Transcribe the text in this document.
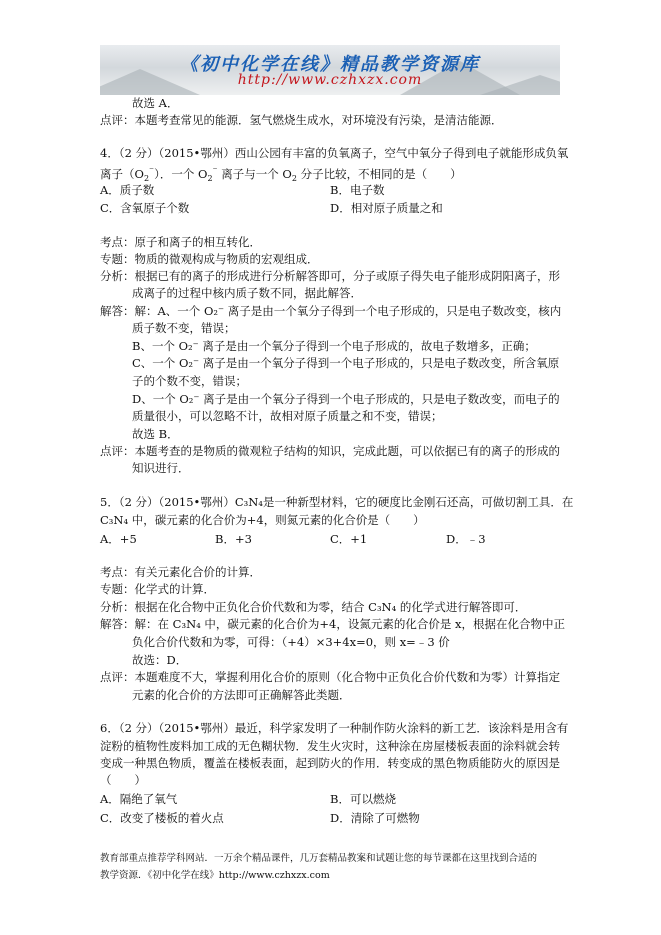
《初中化学在线》精品教学资源库
http://www.czhxzx.com
故选 A．
点评：本题考查常见的能源．氢气燃烧生成水，对环境没有污染，是清洁能源．
4．（2 分）（2015•鄂州）西山公园有丰富的负氧离子，空气中氧分子得到电子就能形成负氧
离子$(O_2^{^-})$．一个 $O_2^{^-}$ 离子与一个 $O_2$ 分子比较，不相同的是（　　）
A．质子数	B．电子数
C．含氧原子个数	D．相对原子质量之和
考点：原子和离子的相互转化．
专题：物质的微观构成与物质的宏观组成．
分析：根据已有的离子的形成进行分析解答即可，分子或原子得失电子能形成阴阳离子，形
成离子的过程中核内质子数不同，据此解答．
解答：解：A、一个 O₂⁻ 离子是由一个氧分子得到一个电子形成的，只是电子数改变，核内
质子数不变，错误；
B、一个 O₂⁻ 离子是由一个氧分子得到一个电子形成的，故电子数增多，正确；
C、一个 O₂⁻ 离子是由一个氧分子得到一个电子形成的，只是电子数改变，所含氧原
子的个数不变，错误；
D、一个 O₂⁻ 离子是由一个氧分子得到一个电子形成的，只是电子数改变，而电子的
质量很小，可以忽略不计，故相对原子质量之和不变，错误；
故选 B．
点评：本题考查的是物质的微观粒子结构的知识，完成此题，可以依据已有的离子的形成的
知识进行．
5．（2 分）（2015•鄂州）C₃N₄是一种新型材料，它的硬度比金刚石还高，可做切割工具．在
C₃N₄ 中，碳元素的化合价为+4，则氮元素的化合价是（　　）
A．+5	B．+3	C．+1	D．﹣3
考点：有关元素化合价的计算．
专题：化学式的计算．
分析：根据在化合物中正负化合价代数和为零，结合 C₃N₄ 的化学式进行解答即可．
解答：解：在 C₃N₄ 中，碳元素的化合价为+4，设氮元素的化合价是 x，根据在化合物中正
负化合价代数和为零，可得：（+4）×3+4x=0，则 x=﹣3 价
故选：D．
点评：本题难度不大，掌握利用化合价的原则（化合物中正负化合价代数和为零）计算指定
元素的化合价的方法即可正确解答此类题．
6．（2 分）（2015•鄂州）最近，科学家发明了一种制作防火涂料的新工艺．该涂料是用含有
淀粉的植物性废料加工成的无色糊状物．发生火灾时，这种涂在房屋楼板表面的涂料就会转
变成一种黑色物质，覆盖在楼板表面，起到防火的作用．转变成的黑色物质能防火的原因是
（　　）
A．隔绝了氧气	B．可以燃烧
C．改变了楼板的着火点	D．清除了可燃物
教育部重点推荐学科网站．一万余个精品课件，几万套精品教案和试题让您的每节课都在这里找到合适的
教学资源．《初中化学在线》http://www.czhxzx.com
